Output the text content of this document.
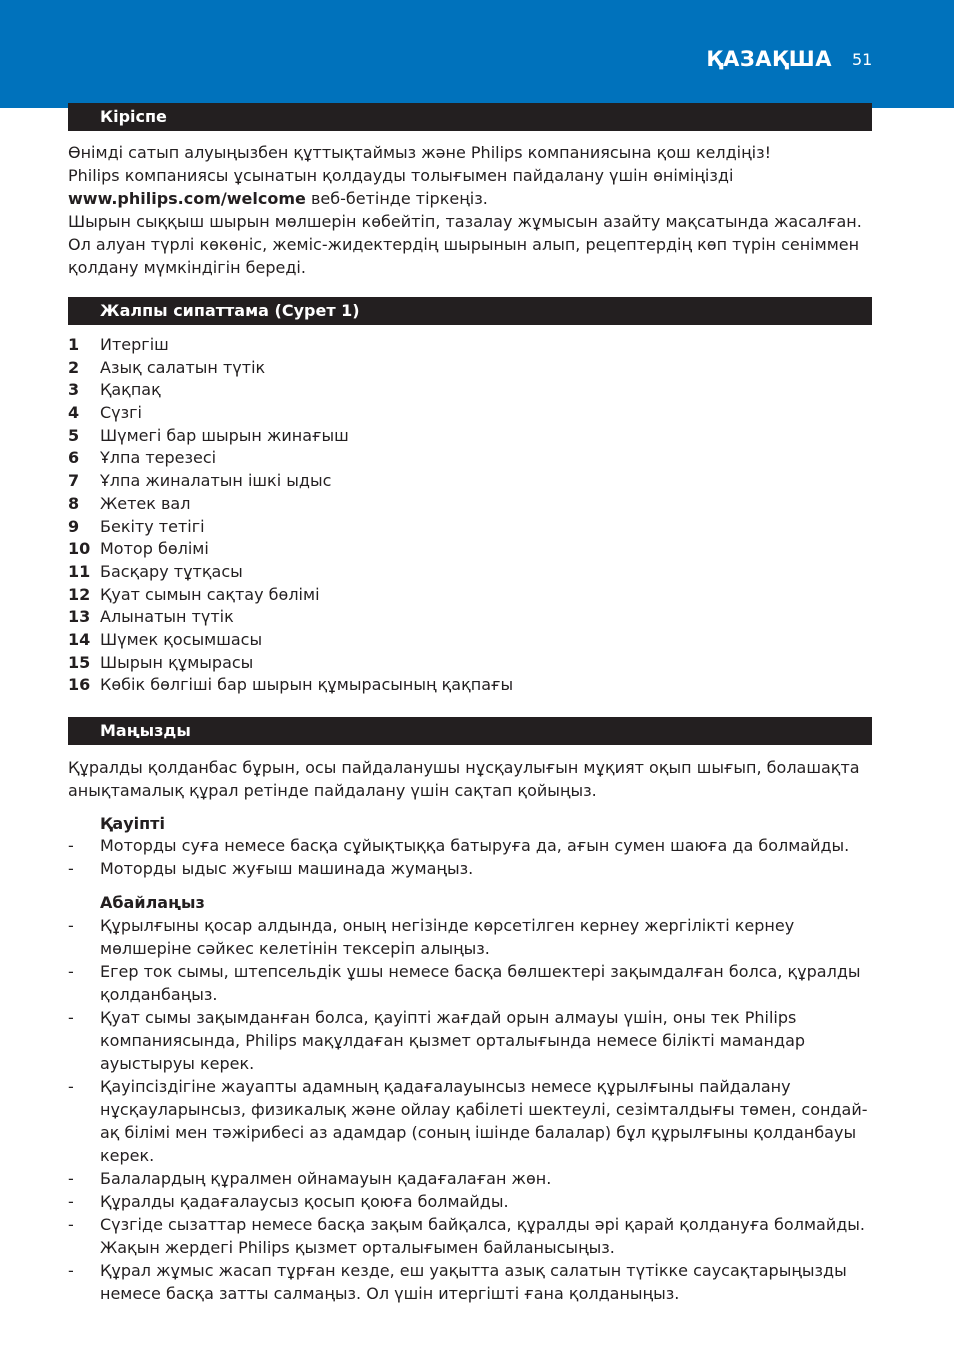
ҚАЗАҚША 51
Кіріспе

Өнімді сатып алуыңызбен құттықтаймыз және Philips компаниясына қош келдіңіз!

Philips компаниясы ұсынатын қолдауды толығымен пайдалану үшін өніміңізді

www.philips.com/welcome веб-бетінде тіркеңіз.

Шырын сыққыш шырын мөлшерін көбейтіп, тазалау жұмысын азайту мақсатында жасалған. Ол алуан түрлі көкөніс, жеміс-жидектердің шырынын алып, рецептердің көп түрін сеніммен қолдану мүмкіндігін береді.

Жалпы сипаттама (Сурет 1)
1 Итергіш
2 Азық салатын түтік
3 Қақпақ
4 Сүзгі
5 Шүмегі бар шырын жинағыш
6 Ұлпа терезесі
7 Ұлпа жиналатын ішкі ыдыс
8 Жетек вал
9 Бекіту тетігі
10 Мотор бөлімі
11 Басқару тұтқасы
12 Қуат сымын сақтау бөлімі
13 Алынатын түтік
14 Шүмек қосымшасы
15 Шырын құмырасы
16 Көбік бөлгіші бар шырын құмырасының қақпағы
Маңызды
Құралды қолданбас бұрын, осы пайдаланушы нұсқаулығын мұқият оқып шығып, болашақта анықтамалық құрал ретінде пайдалану үшін сақтап қойыңыз.
Қауіпті
- Моторды суға немесе басқа сұйықтыққа батыруға да, ағын сумен шаюға да болмайды.
- Моторды ыдыс жуғыш машинада жумаңыз.
Абайлаңыз
- Құрылғыны қосар алдында, оның негізінде көрсетілген кернеу жергілікті кернеу мөлшеріне сәйкес келетінін тексеріп алыңыз.
- Егер ток сымы, штепсельдік ұшы немесе басқа бөлшектері зақымдалған болса, құралды қолданбаңыз.
- Қуат сымы зақымданған болса, қауіпті жағдай орын алмауы үшін, оны тек Philips компаниясында, Philips мақұлдаған қызмет орталығында немесе білікті мамандар ауыстыруы керек.
- Қауіпсіздігіне жауапты адамның қадағалауынсыз немесе құрылғыны пайдалану нұсқауларынсыз, физикалық және ойлау қабілеті шектеулі, сезімталдығы төмен, сондай-ақ білімі мен тәжірибесі аз адамдар (соның ішінде балалар) бұл құрылғыны қолданбауы керек.
- Балалардың құралмен ойнамауын қадағалаған жөн.
- Құралды қадағалаусыз қосып қоюға болмайды.
- Сүзгіде сызаттар немесе басқа зақым байқалса, құралды әрі қарай қолдануға болмайды. Жақын жердегі Philips қызмет орталығымен байланысыңыз.
- Құрал жұмыс жасап тұрған кезде, еш уақытта азық салатын түтікке саусақтарыңызды немесе басқа затты салмаңыз. Ол үшін итергішті ғана қолданыңыз.
